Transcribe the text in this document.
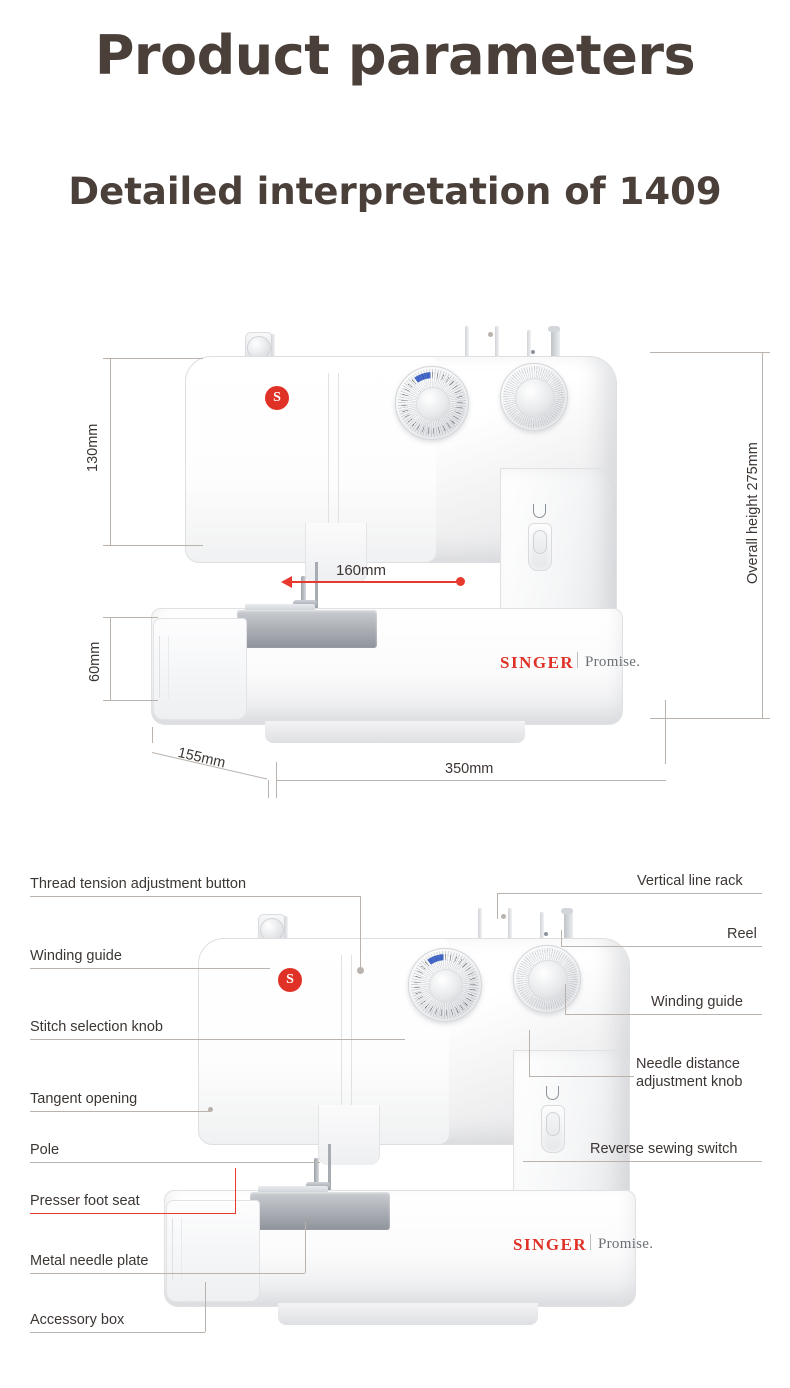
Product parameters
Detailed interpretation of 1409
S
SINGER Promise.
130mm
60mm
160mm	Overall height 275mm
155mm	350mm
S
SINGER Promise.
Thread tension adjustment button
Winding guide
Stitch selection knob
Tangent opening
Pole
Presser foot seat
Metal needle plate
Accessory box
Vertical line rack
Reel
Winding guide
Needle distance
adjustment knob
Reverse sewing switch
